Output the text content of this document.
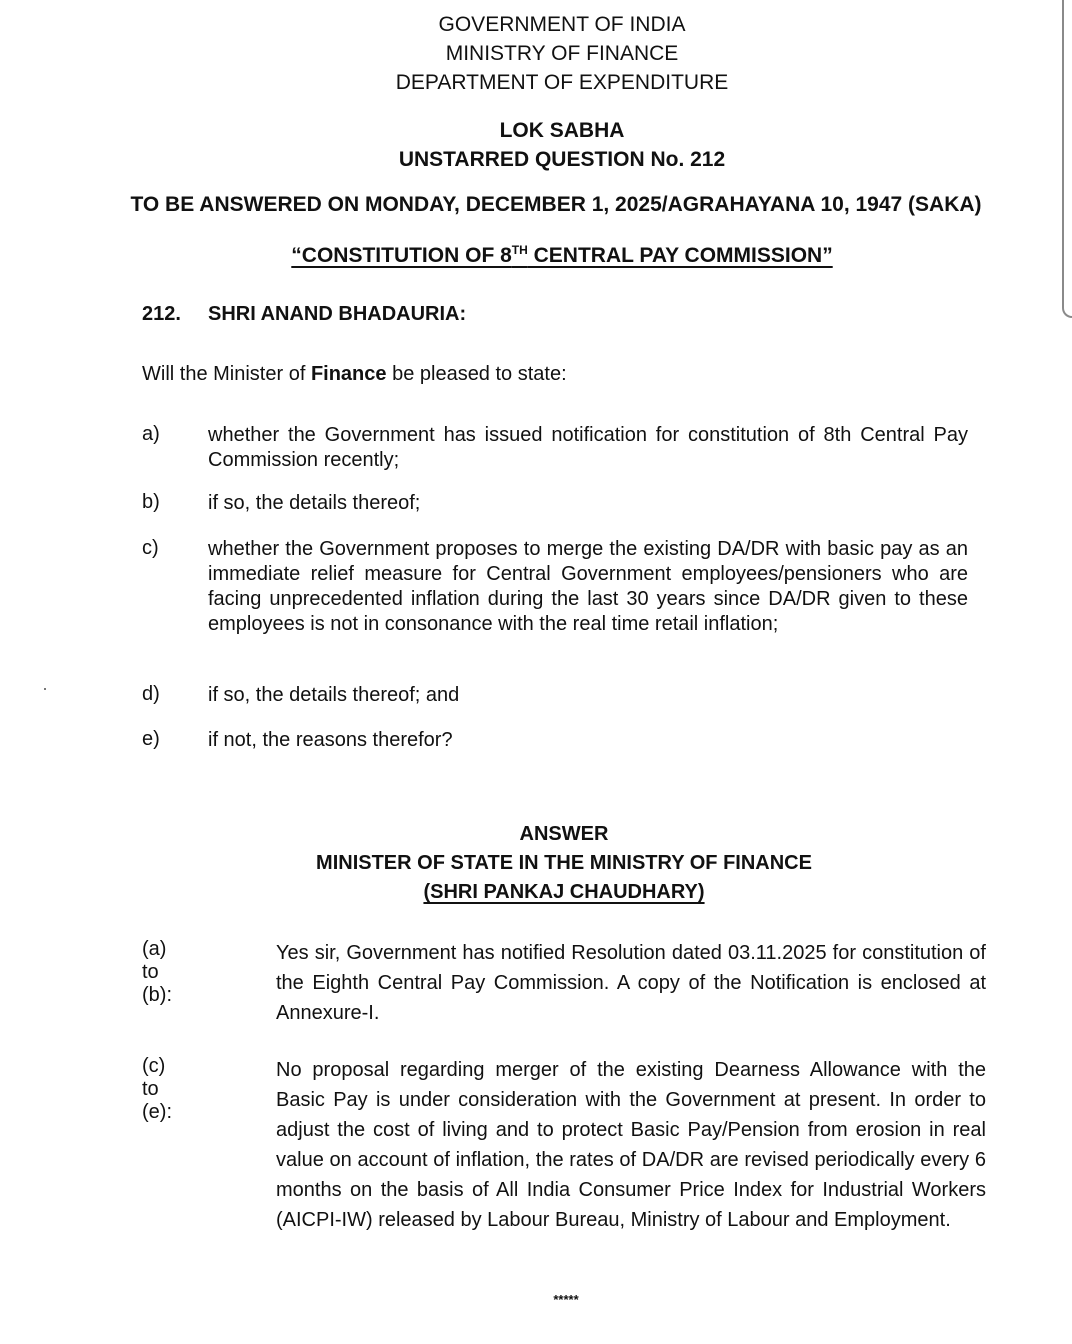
GOVERNMENT OF INDIA
MINISTRY OF FINANCE
DEPARTMENT OF EXPENDITURE
LOK SABHA
UNSTARRED QUESTION No. 212
TO BE ANSWERED ON MONDAY, DECEMBER 1, 2025/AGRAHAYANA 10, 1947 (SAKA)
“CONSTITUTION OF 8TH CENTRAL PAY COMMISSION”
212. SHRI ANAND BHADAURIA:
Will the Minister of Finance be pleased to state:
a) whether the Government has issued notification for constitution of 8th Central Pay Commission recently;
b) if so, the details thereof;
c) whether the Government proposes to merge the existing DA/DR with basic pay as an immediate relief measure for Central Government employees/pensioners who are facing unprecedented inflation during the last 30 years since DA/DR given to these employees is not in consonance with the real time retail inflation;
d) if so, the details thereof; and
e) if not, the reasons therefor?
ANSWER
MINISTER OF STATE IN THE MINISTRY OF FINANCE
(SHRI PANKAJ CHAUDHARY)
(a) to (b):
Yes sir, Government has notified Resolution dated 03.11.2025 for constitution of the Eighth Central Pay Commission. A copy of the Notification is enclosed at Annexure-I.
(c) to (e):
No proposal regarding merger of the existing Dearness Allowance with the Basic Pay is under consideration with the Government at present. In order to adjust the cost of living and to protect Basic Pay/Pension from erosion in real value on account of inflation, the rates of DA/DR are revised periodically every 6 months on the basis of All India Consumer Price Index for Industrial Workers (AICPI-IW) released by Labour Bureau, Ministry of Labour and Employment.
*****
